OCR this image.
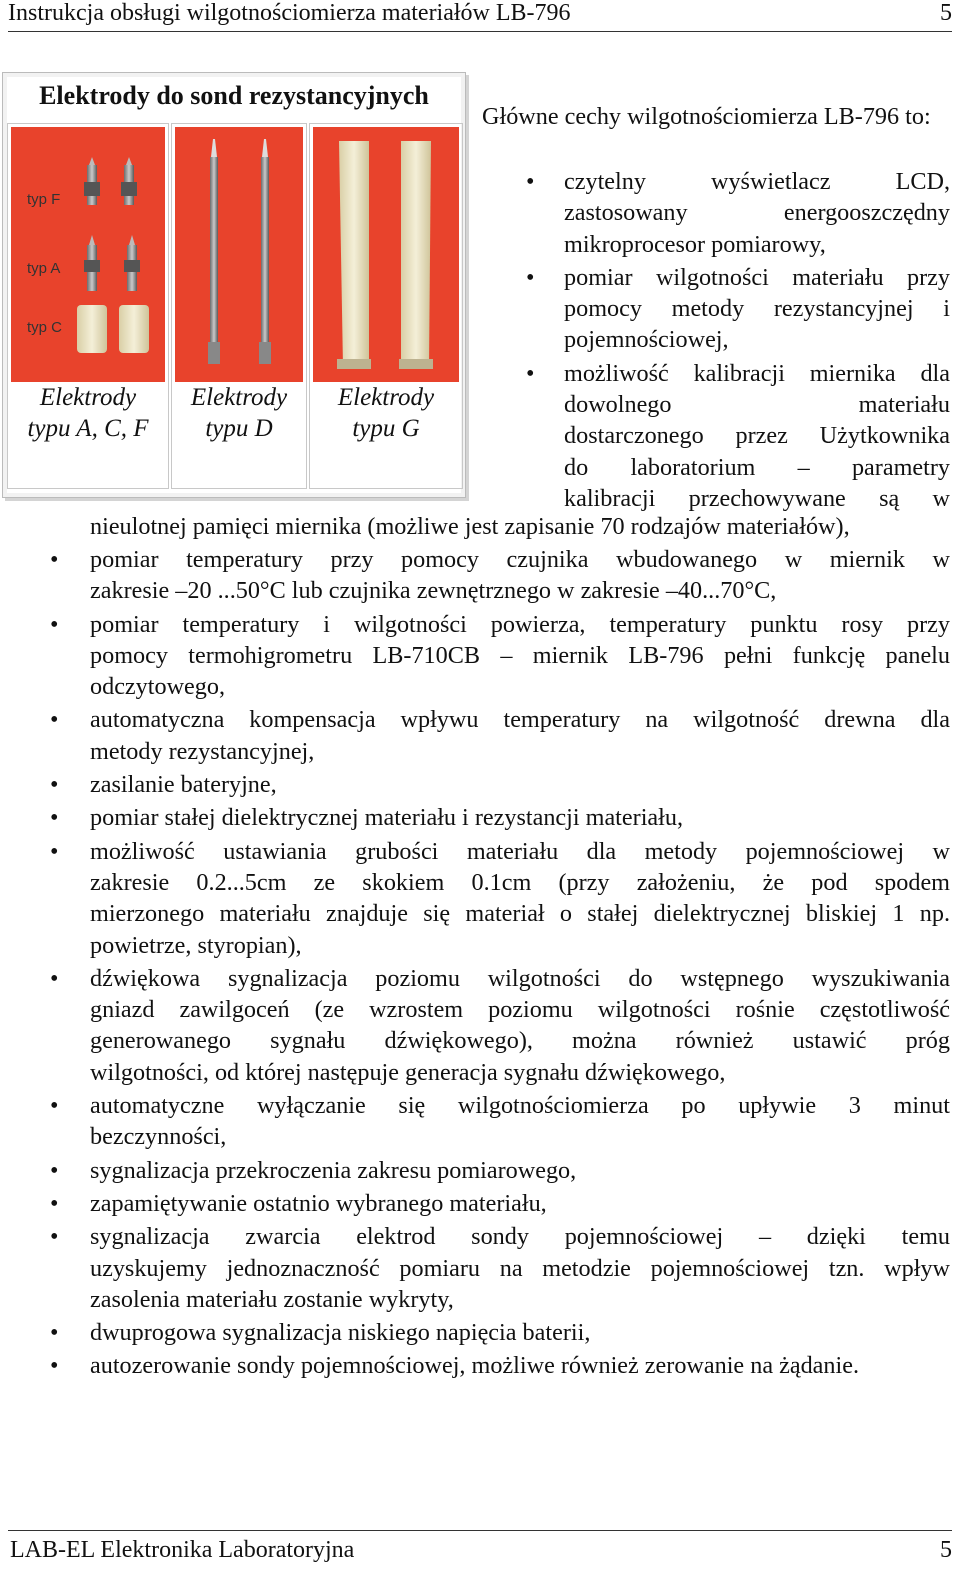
Instrukcja obsługi wilgotnościomierza materiałów LB-796	5
Elektrody do sond rezystancyjnych
typ F
typ A
typ C
Elektrody
typu A, C, F
Elektrody
typu D
Elektrody
typu G
Główne cechy wilgotnościomierza LB-796 to:
• czytelny wyświetlacz LCD,
zastosowany energooszczędny
mikroprocesor pomiarowy,
• pomiar wilgotności materiału przy
pomocy metody rezystancyjnej i
pojemnościowej,
• możliwość kalibracji miernika dla
dowolnego materiału
dostarczonego przez Użytkownika
do laboratorium – parametry
kalibracji przechowywane są w
nieulotnej pamięci miernika (możliwe jest zapisanie 70 rodzajów materiałów),
• pomiar temperatury przy pomocy czujnika wbudowanego w miernik w
zakresie –20 ...50°C lub czujnika zewnętrznego w zakresie –40...70°C,
• pomiar temperatury i wilgotności powierza, temperatury punktu rosy przy
pomocy termohigrometru LB-710CB – miernik LB-796 pełni funkcję panelu
odczytowego,
• automatyczna kompensacja wpływu temperatury na wilgotność drewna dla
metody rezystancyjnej,
• zasilanie bateryjne,
• pomiar stałej dielektrycznej materiału i rezystancji materiału,
• możliwość ustawiania grubości materiału dla metody pojemnościowej w
zakresie 0.2...5cm ze skokiem 0.1cm (przy założeniu, że pod spodem
mierzonego materiału znajduje się materiał o stałej dielektrycznej bliskiej 1 np.
powietrze, styropian),
• dźwiękowa sygnalizacja poziomu wilgotności do wstępnego wyszukiwania
gniazd zawilgoceń (ze wzrostem poziomu wilgotności rośnie częstotliwość
generowanego sygnału dźwiękowego), można również ustawić próg
wilgotności, od której następuje generacja sygnału dźwiękowego,
• automatyczne wyłączanie się wilgotnościomierza po upływie 3 minut
bezczynności,
• sygnalizacja przekroczenia zakresu pomiarowego,
• zapamiętywanie ostatnio wybranego materiału,
• sygnalizacja zwarcia elektrod sondy pojemnościowej – dzięki temu
uzyskujemy jednoznaczność pomiaru na metodzie pojemnościowej tzn. wpływ
zasolenia materiału zostanie wykryty,
• dwuprogowa sygnalizacja niskiego napięcia baterii,
• autozerowanie sondy pojemnościowej, możliwe również zerowanie na żądanie.
LAB-EL Elektronika Laboratoryjna	5
